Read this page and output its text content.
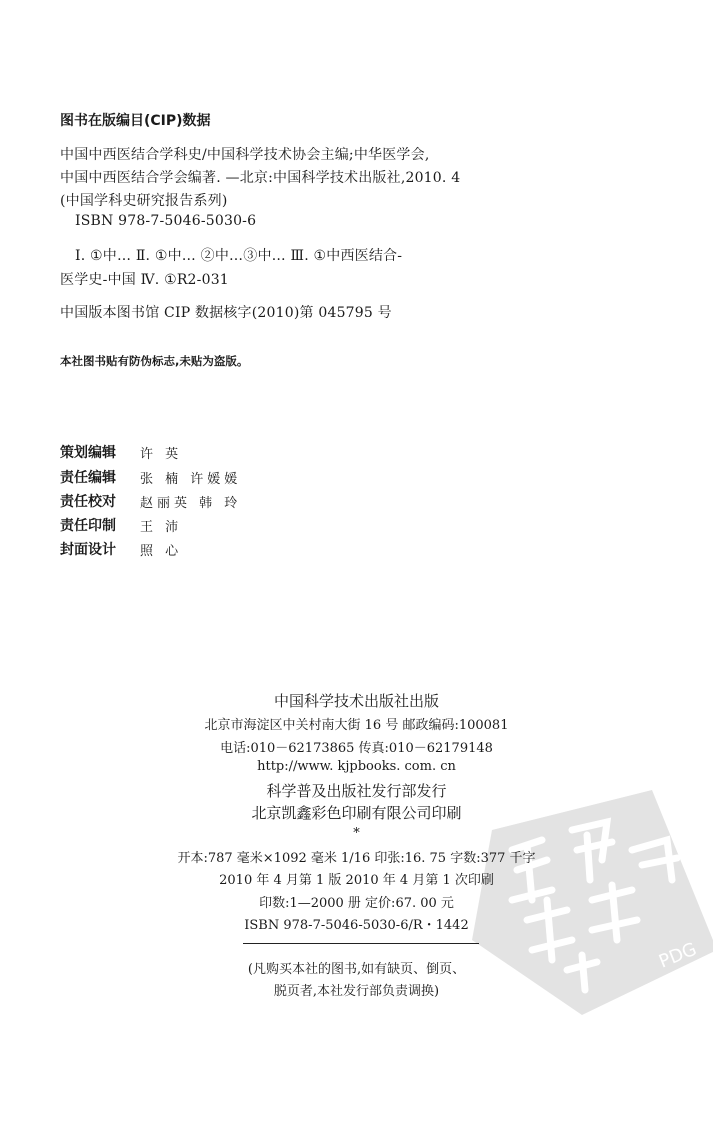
图书在版编目(CIP)数据
中国中西医结合学科史/中国科学技术协会主编;中华医学会,
中国中西医结合学会编著. —北京:中国科学技术出版社,2010. 4
(中国学科史研究报告系列)
ISBN 978-7-5046-5030-6
Ⅰ. ①中… Ⅱ. ①中… ②中…③中… Ⅲ. ①中西医结合-
医学史-中国 Ⅳ. ①R2-031
中国版本图书馆 CIP 数据核字(2010)第 045795 号
本社图书贴有防伪标志,未贴为盗版。
策划编辑 许 英
责任编辑 张 楠 许媛媛
责任校对 赵丽英 韩 玲
责任印制 王 沛
封面设计 照 心
PDG
中国科学技术出版社出版
北京市海淀区中关村南大街 16 号 邮政编码:100081
电话:010－62173865 传真:010－62179148
http://www. kjpbooks. com. cn
科学普及出版社发行部发行
北京凯鑫彩色印刷有限公司印刷
*
开本:787 毫米×1092 毫米 1/16 印张:16. 75 字数:377 千字
2010 年 4 月第 1 版 2010 年 4 月第 1 次印刷
印数:1—2000 册 定价:67. 00 元
ISBN 978-7-5046-5030-6/R・1442
(凡购买本社的图书,如有缺页、倒页、
脱页者,本社发行部负责调换)
